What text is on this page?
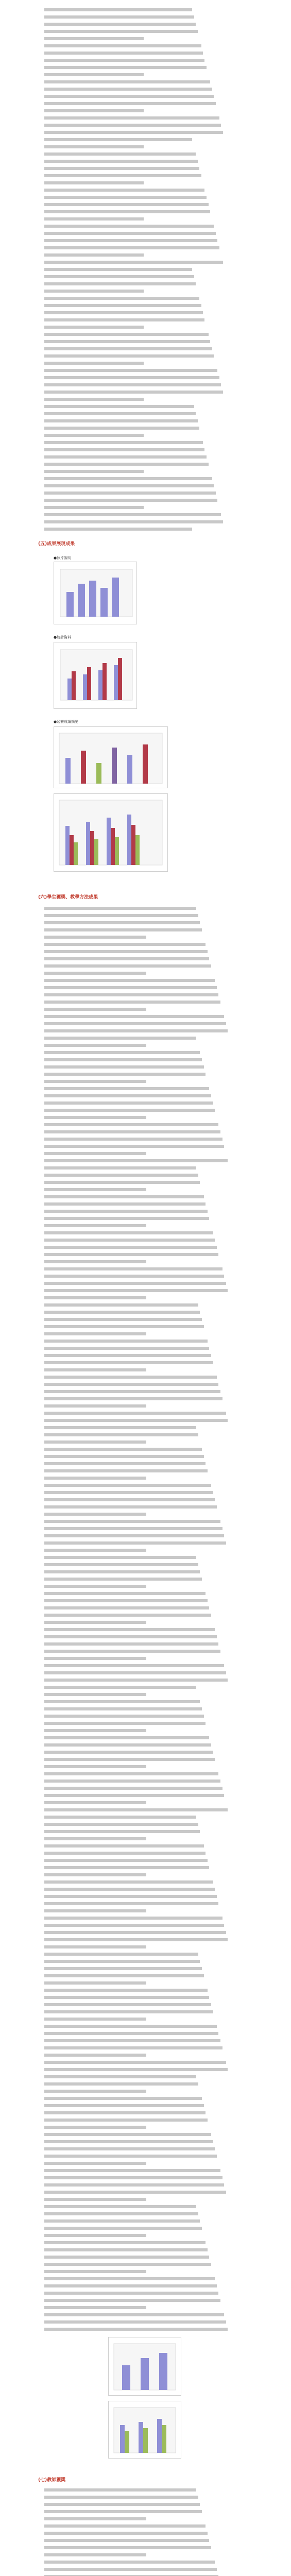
(五)成果展現成果
●照片說明
●統計資料
●競賽成績摘要
(六)學生獲獎、教學方法成果
(七)教師獲獎
